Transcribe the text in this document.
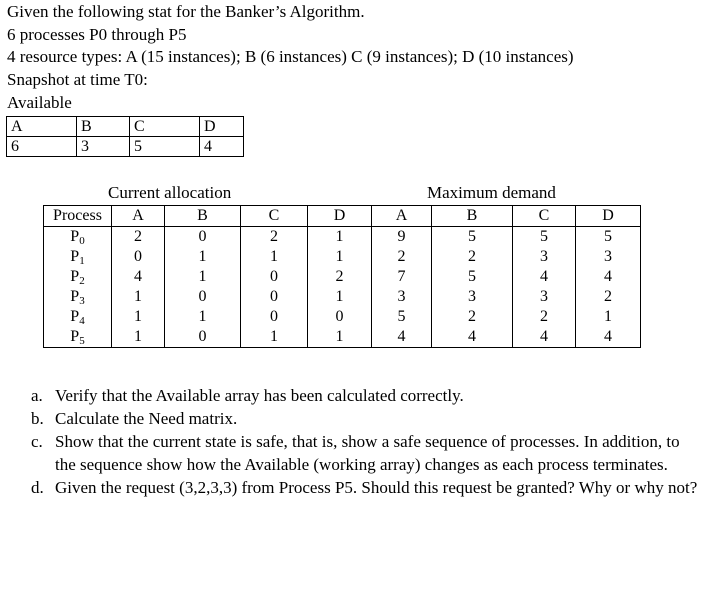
Given the following stat for the Banker’s Algorithm.
6 processes P0 through P5
4 resource types: A (15 instances); B (6 instances) C (9 instances); D (10 instances)
Snapshot at time T0:
Available
A	B	C	D
6	3	5	4
Current allocation	Maximum demand
Process	A	B	C	D	A	B	C	D
$P_0$	2	0	2	1	9	5	5	5
$P_1$	0	1	1	1	2	2	3	3
$P_2$	4	1	0	2	7	5	4	4
$P_3$	1	0	0	1	3	3	3	2
$P_4$	1	1	0	0	5	2	2	1
$P_5$	1	0	1	1	4	4	4	4
a. Verify that the Available array has been calculated correctly.
b. Calculate the Need matrix.
c. Show that the current state is safe, that is, show a safe sequence of processes. In addition, to the sequence show how the Available (working array) changes as each process terminates.
d. Given the request (3,2,3,3) from Process P5. Should this request be granted? Why or why not?
